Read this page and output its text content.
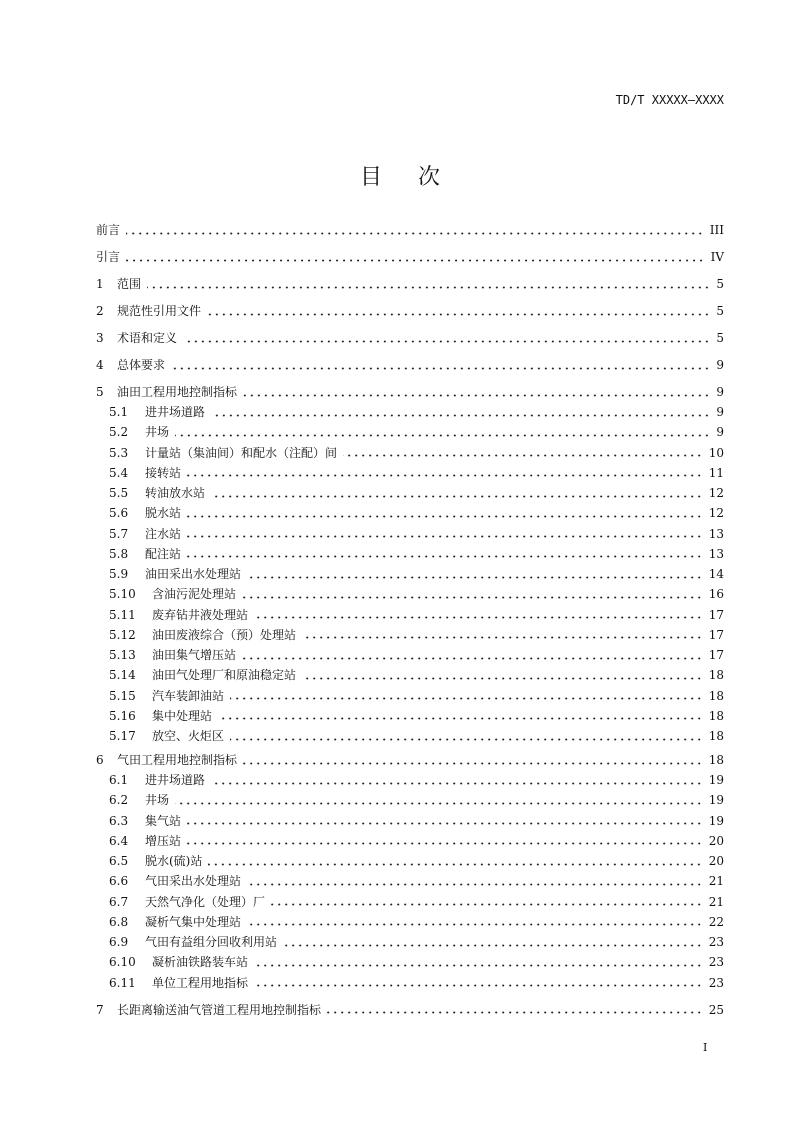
TD/T XXXXX—XXXX
目 次
前言	III
引言	IV
1	范围	5
2	规范性引用文件	5
3	术语和定义	5
4	总体要求	9
5	油田工程用地控制指标	9
5.1	进井场道路	9
5.2	井场	9
5.3	计量站（集油间）和配水（注配）间	10
5.4	接转站	11
5.5	转油放水站	12
5.6	脱水站	12
5.7	注水站	13
5.8	配注站	13
5.9	油田采出水处理站	14
5.10	含油污泥处理站	16
5.11	废弃钻井液处理站	17
5.12	油田废液综合（预）处理站	17
5.13	油田集气增压站	17
5.14	油田气处理厂和原油稳定站	18
5.15	汽车装卸油站	18
5.16	集中处理站	18
5.17	放空、火炬区	18
6	气田工程用地控制指标	18
6.1	进井场道路	19
6.2	井场	19
6.3	集气站	19
6.4	增压站	20
6.5	脱水(硫)站	20
6.6	气田采出水处理站	21
6.7	天然气净化（处理）厂	21
6.8	凝析气集中处理站	22
6.9	气田有益组分回收利用站	23
6.10	凝析油铁路装车站	23
6.11	单位工程用地指标	23
7	长距离输送油气管道工程用地控制指标	25
I
